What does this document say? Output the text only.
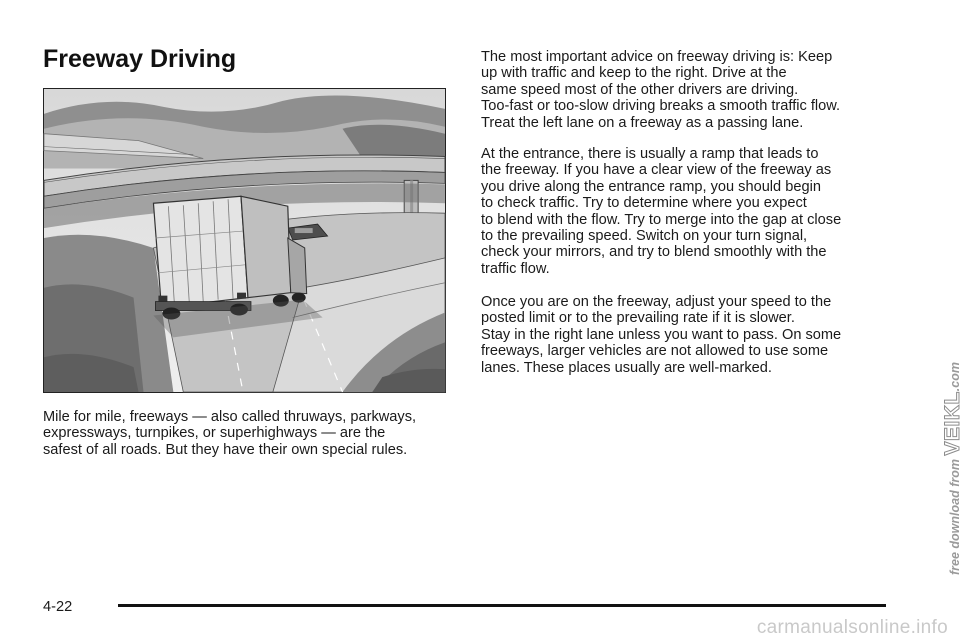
Freeway Driving

Mile for mile, freeways — also called thruways, parkways,
expressways, turnpikes, or superhighways — are the
safest of all roads. But they have their own special rules.

The most important advice on freeway driving is: Keep
up with traffic and keep to the right. Drive at the
same speed most of the other drivers are driving.
Too-fast or too-slow driving breaks a smooth traffic flow.
Treat the left lane on a freeway as a passing lane.

At the entrance, there is usually a ramp that leads to
the freeway. If you have a clear view of the freeway as
you drive along the entrance ramp, you should begin
to check traffic. Try to determine where you expect
to blend with the flow. Try to merge into the gap at close
to the prevailing speed. Switch on your turn signal,
check your mirrors, and try to blend smoothly with the
traffic flow.

Once you are on the freeway, adjust your speed to the
posted limit or to the prevailing rate if it is slower.
Stay in the right lane unless you want to pass. On some
freeways, larger vehicles are not allowed to use some
lanes. These places usually are well-marked.

4-22
free download from VEIKL.com
carmanualsonline.info
